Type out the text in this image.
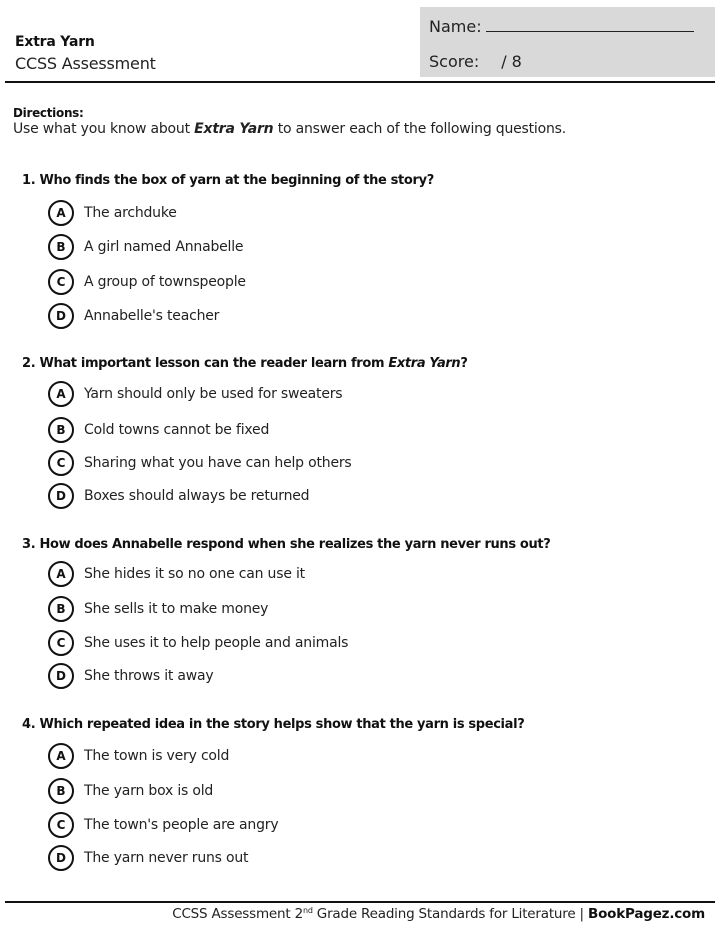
Extra Yarn
CCSS Assessment
Name:
Score: / 8
Directions:
Use what you know about Extra Yarn to answer each of the following questions.
1. Who finds the box of yarn at the beginning of the story?
A	The archduke
B	A girl named Annabelle
C	A group of townspeople
D	Annabelle's teacher
2. What important lesson can the reader learn from Extra Yarn?
A	Yarn should only be used for sweaters
B	Cold towns cannot be fixed
C	Sharing what you have can help others
D	Boxes should always be returned
3. How does Annabelle respond when she realizes the yarn never runs out?
A	She hides it so no one can use it
B	She sells it to make money
C	She uses it to help people and animals
D	She throws it away
4. Which repeated idea in the story helps show that the yarn is special?
A	The town is very cold
B	The yarn box is old
C	The town's people are angry
D	The yarn never runs out
CCSS Assessment 2nd Grade Reading Standards for Literature | BookPagez.com
